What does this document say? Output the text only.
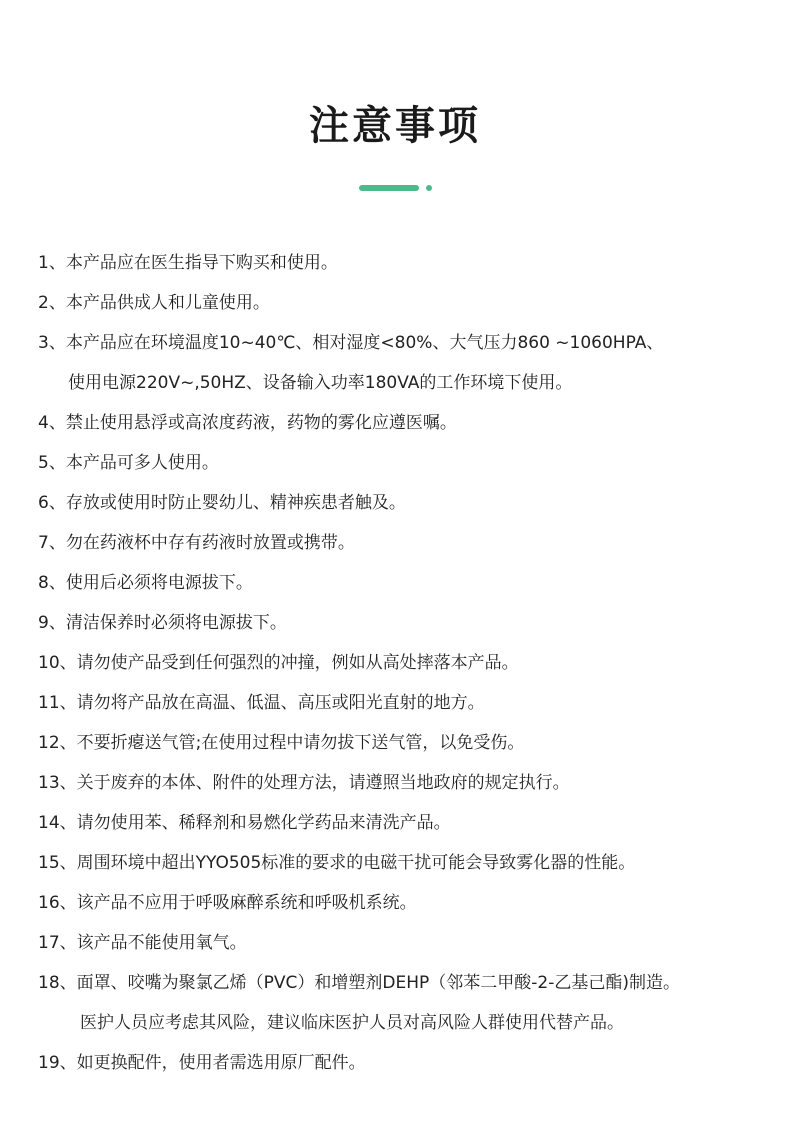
注意事项
1、本产品应在医生指导下购买和使用。
2、本产品供成人和儿童使用。
3、本产品应在环境温度10~40℃、相对湿度<80%、大气压力860 ~1060HPA、
使用电源220V~,50HZ、设备输入功率180VA的工作环境下使用。
4、禁止使用悬浮或高浓度药液，药物的雾化应遵医嘱。
5、本产品可多人使用。
6、存放或使用时防止婴幼儿、精神疾患者触及。
7、勿在药液杯中存有药液时放置或携带。
8、使用后必须将电源拔下。
9、清洁保养时必须将电源拔下。
10、请勿使产品受到任何强烈的冲撞，例如从高处摔落本产品。
11、请勿将产品放在高温、低温、高压或阳光直射的地方。
12、不要折瘪送气管;在使用过程中请勿拔下送气管，以免受伤。
13、关于废弃的本体、附件的处理方法，请遵照当地政府的规定执行。
14、请勿使用苯、稀释剂和易燃化学药品来清洗产品。
15、周围环境中超出YYO505标准的要求的电磁干扰可能会导致雾化器的性能。
16、该产品不应用于呼吸麻醉系统和呼吸机系统。
17、该产品不能使用氧气。
18、面罩、咬嘴为聚氯乙烯（PVC）和增塑剂DEHP（邻苯二甲酸-2-乙基己酯)制造。
医护人员应考虑其风险，建议临床医护人员对高风险人群使用代替产品。
19、如更换配件，使用者需选用原厂配件。
